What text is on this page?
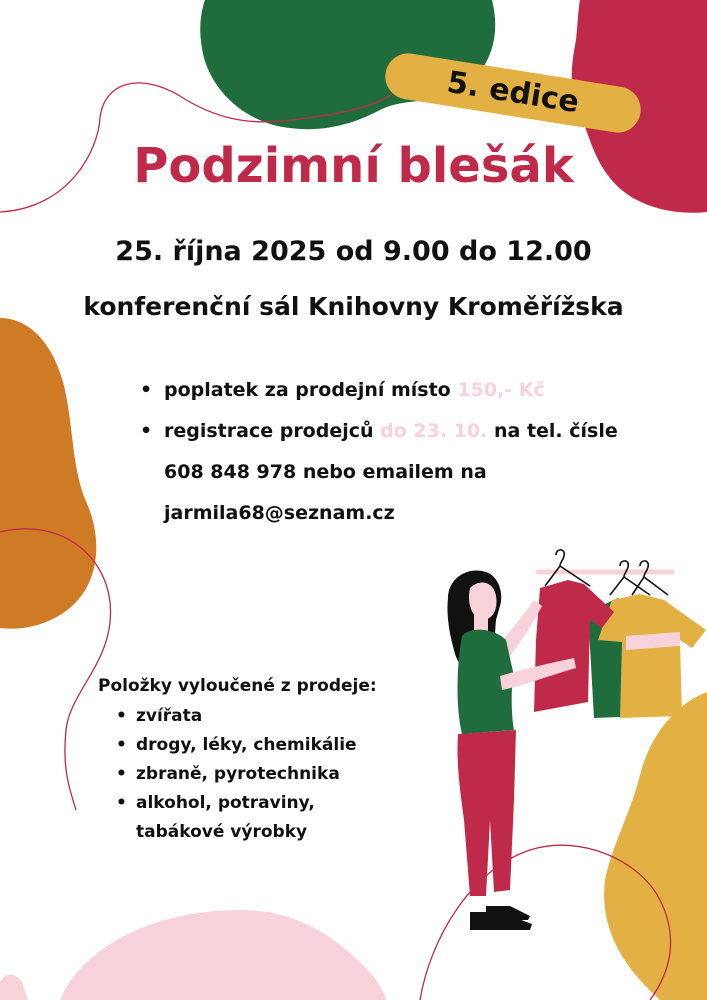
5. edice
Podzimní blešák

25. října 2025 od 9.00 do 12.00

konferenční sál Knihovny Kroměřížska

• poplatek za prodejní místo 150,- Kč
• registrace prodejců do 23. 10. na tel. čísle
608 848 978 nebo emailem na
jarmila68@seznam.cz

Položky vyloučené z prodeje:

• zvířata
• drogy, léky, chemikálie
• zbraně, pyrotechnika
• alkohol, potraviny,
tabákové výrobky
